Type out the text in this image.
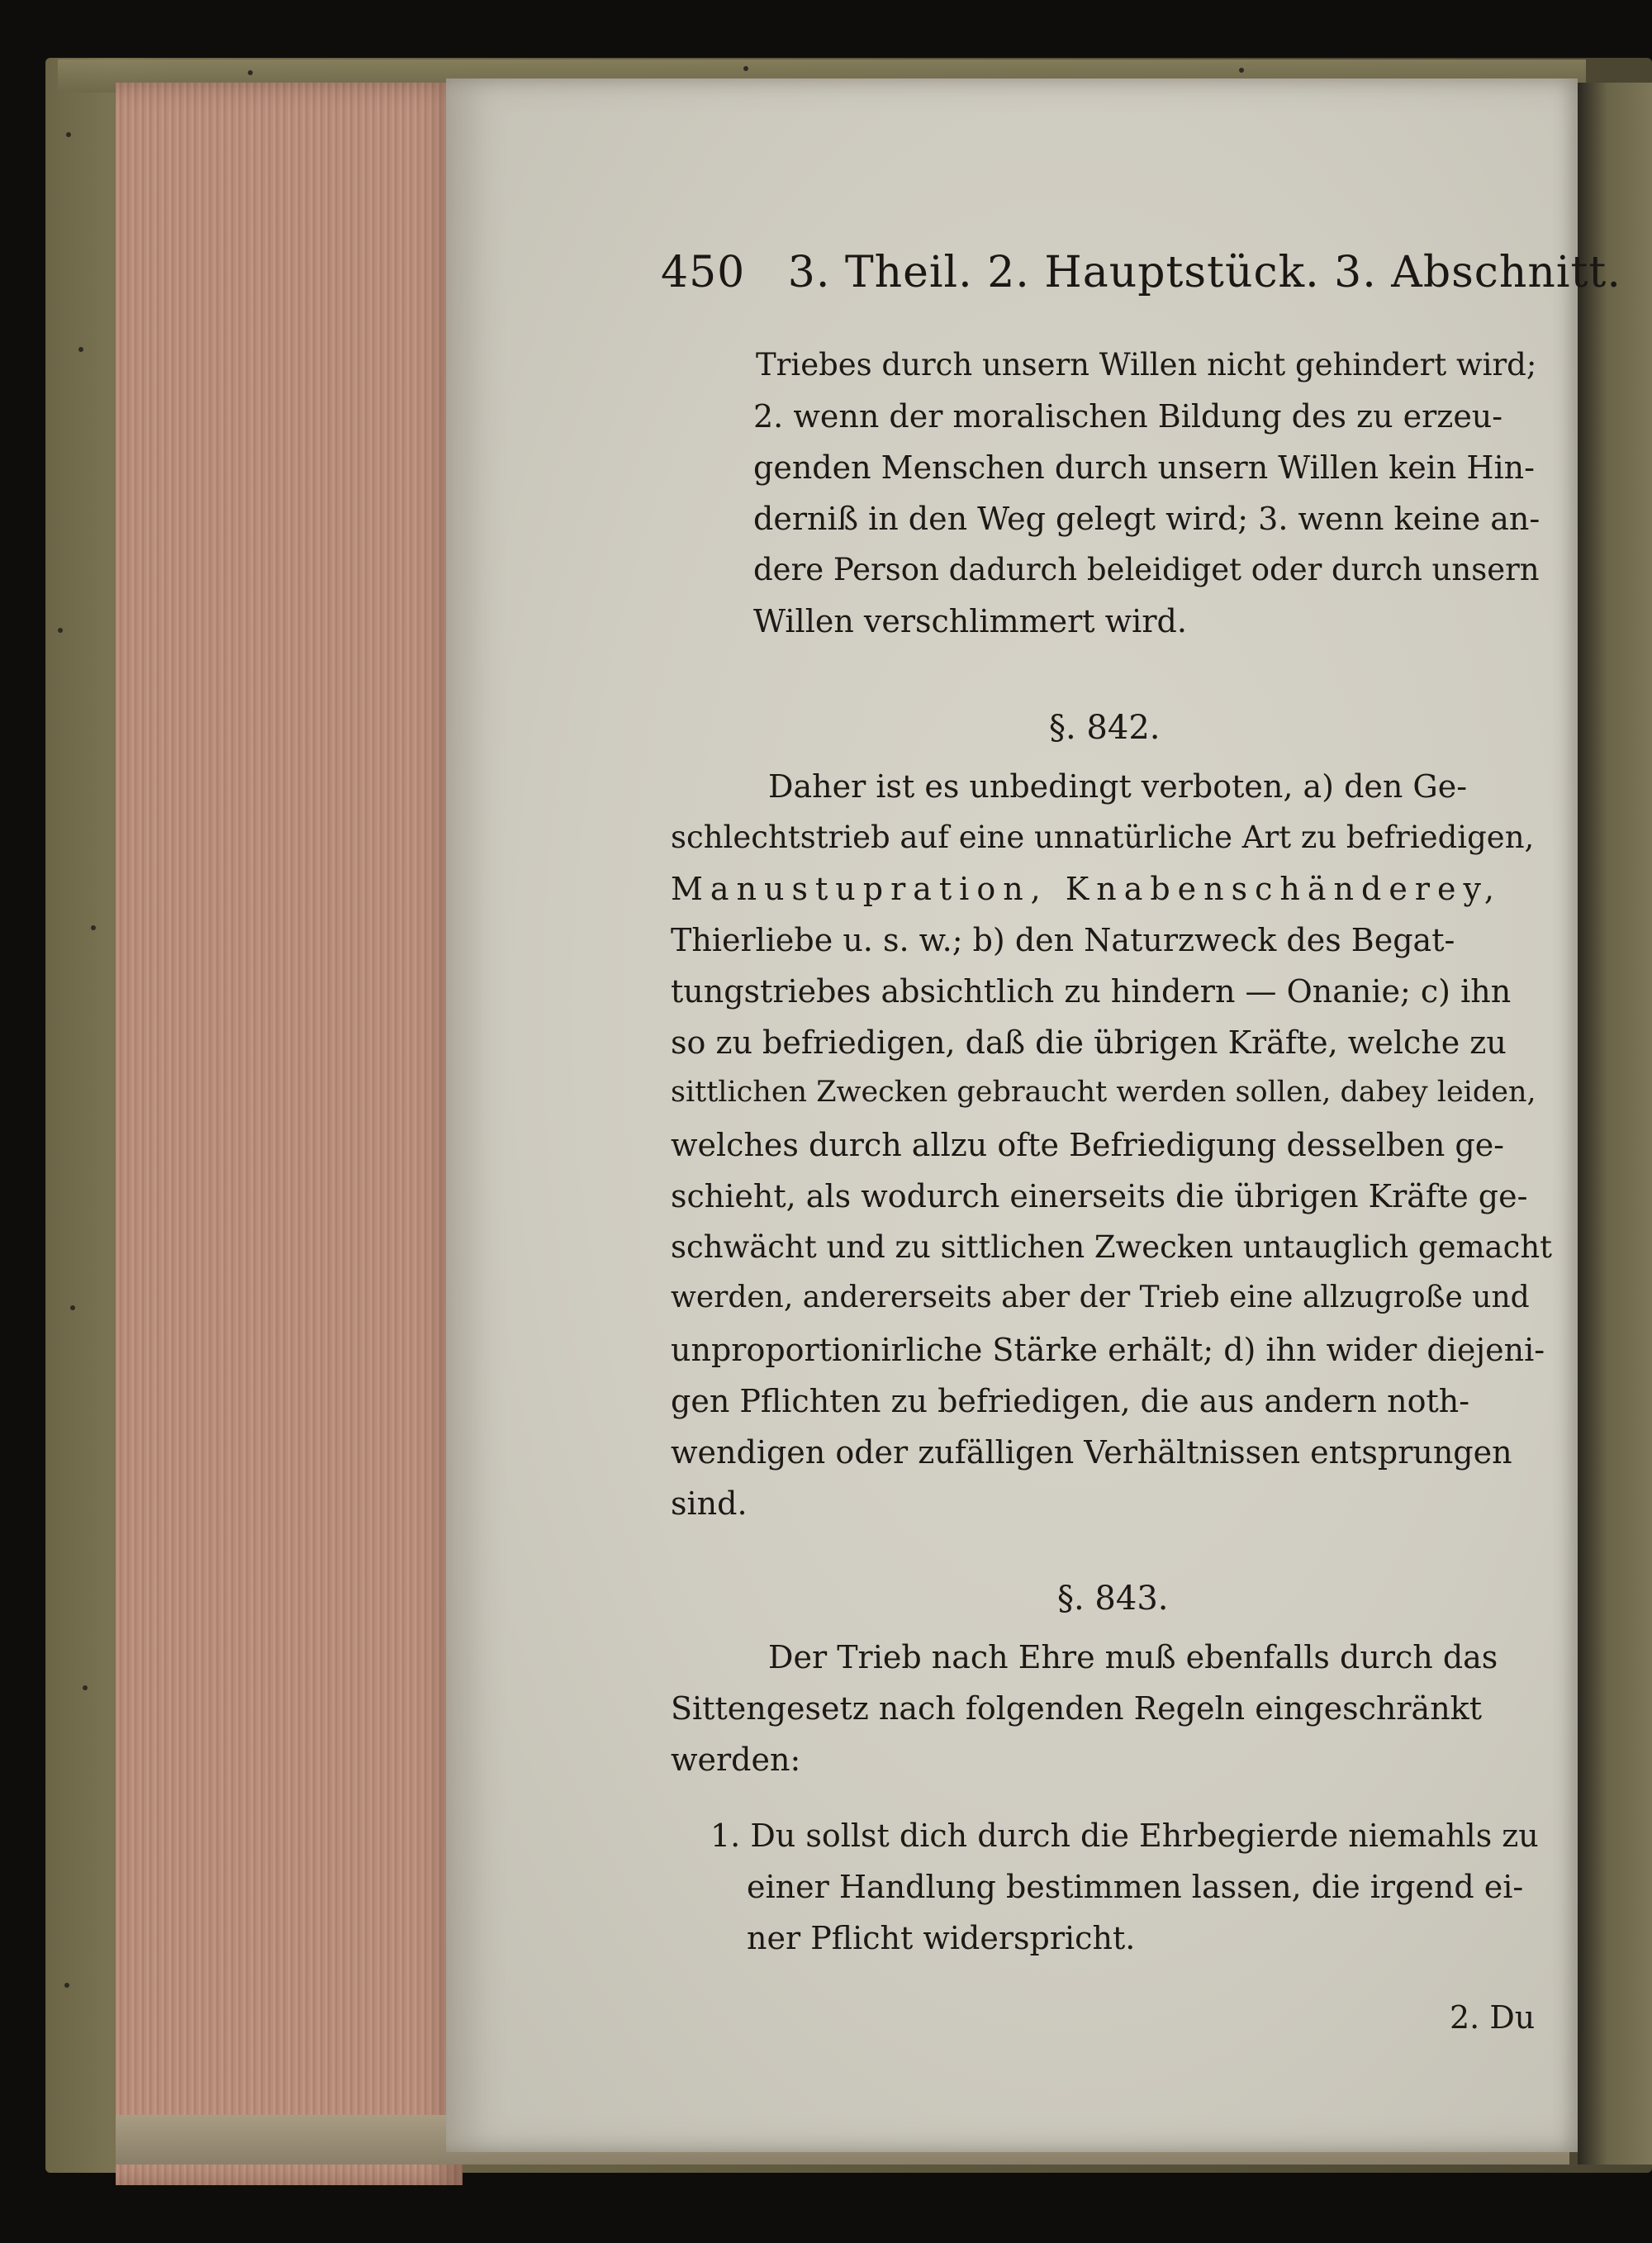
450 3. Theil. 2. Hauptstück. 3. Abschnitt.
Triebes durch unsern Willen nicht gehindert wird;
2. wenn der moralischen Bildung des zu erzeu-
genden Menschen durch unsern Willen kein Hin-
derniß in den Weg gelegt wird; 3. wenn keine an-
dere Person dadurch beleidiget oder durch unsern
Willen verschlimmert wird.
§. 842.
Daher ist es unbedingt verboten, a) den Ge-
schlechtstrieb auf eine unnatürliche Art zu befriedigen,
Manustupration, Knabenschänderey,
Thierliebe u. s. w.; b) den Naturzweck des Begat-
tungstriebes absichtlich zu hindern — Onanie; c) ihn
so zu befriedigen, daß die übrigen Kräfte, welche zu
sittlichen Zwecken gebraucht werden sollen, dabey leiden,
welches durch allzu ofte Befriedigung desselben ge-
schieht, als wodurch einerseits die übrigen Kräfte ge-
schwächt und zu sittlichen Zwecken untauglich gemacht
werden, andererseits aber der Trieb eine allzugroße und
unproportionirliche Stärke erhält; d) ihn wider diejeni-
gen Pflichten zu befriedigen, die aus andern noth-
wendigen oder zufälligen Verhältnissen entsprungen
sind.
§. 843.
Der Trieb nach Ehre muß ebenfalls durch das
Sittengesetz nach folgenden Regeln eingeschränkt
werden:
1. Du sollst dich durch die Ehrbegierde niemahls zu
einer Handlung bestimmen lassen, die irgend ei-
ner Pflicht widerspricht.
2. Du
